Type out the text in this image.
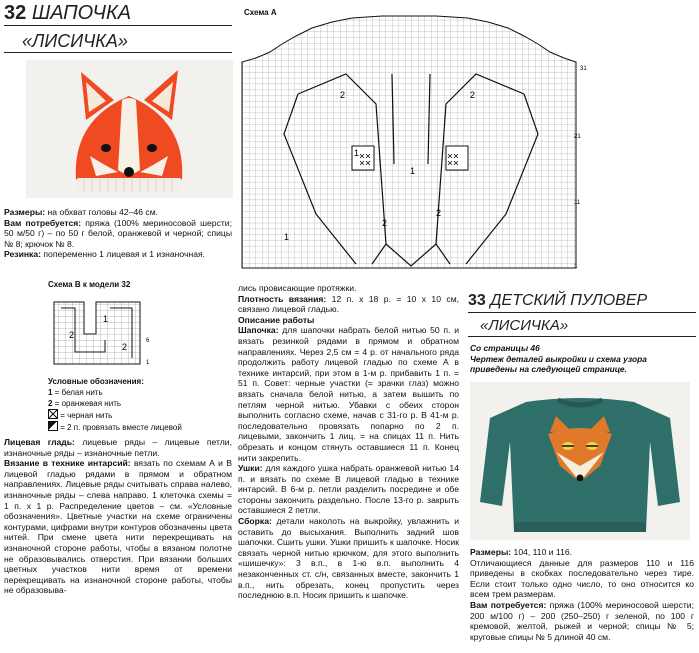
32 ШАПОЧКА
«ЛИСИЧКА»

Размеры: на обхват головы 42–46 см.

Вам потребуется: пряжа (100% мериносовой шерсти; 50 м/50 г) – по 50 г белой, оранжевой и черной; спицы № 8; крючок № 8.

Резинка: попеременно 1 лицевая и 1 изнаночная.

Схема В к модели 32
2
2
1
6
1
Условные обозначения:
1 = белая нить
2 = оранжевая нить
= черная нить
= 2 п. провязать вместе лицевой

Лицевая гладь: лицевые ряды – лицевые петли, изнаночные ряды – изнаночные петли.

Вязание в технике интарсий: вязать по схемам А и В лицевой гладью рядами в прямом и обратном направлениях. Лицевые ряды считывать справа налево, изнаночные ряды – слева направо. 1 клеточка схемы = 1 п. х 1 р. Распределение цветов – см. «Условные обозначения». Цветные участки на схеме ограничены контурами, цифрами внутри контуров обозначены цвета нитей. При смене цвета нити перекрещивать на изнаночной стороне работы, чтобы в вязаном полотне не образовывались отверстия. При вязании больших цветных участков нити время от времени перекрещивать на изнаночной стороне работы, чтобы не образовыва-

Схема А
31
21
11
1
2
2
1
1
2
2
1

лись провисающие протяжки.

Плотность вязания: 12 п. х 18 р. = 10 х 10 см, связано лицевой гладью.

Описание работы

Шапочка: для шапочки набрать белой нитью 50 п. и вязать резинкой рядами в прямом и обратном направлениях. Через 2,5 см = 4 р. от начального ряда продолжить работу лицевой гладью по схеме А в технике интарсий, при этом в 1-м р. прибавить 1 п. = 51 п. Совет: черные участки (= зрачки глаз) можно вязать сначала белой нитью, а затем вышить по петлям черной нитью. Убавки с обеих сторон выполнить согласно схеме, начав с 31-го р. В 41-м р. последовательно провязать попарно по 2 п. лицевыми, закончить 1 лиц. = на спицах 11 п. Нить обрезать и концом стянуть оставшиеся 11 п. Конец нити закрепить.

Ушки: для каждого ушка набрать оранжевой нитью 14 п. и вязать по схеме В лицевой гладью в технике интарсий. В 6-м р. петли разделить посредине и обе стороны закончить раздельно. После 13-го р. закрыть оставшиеся 2 петли.

Сборка: детали наколоть на выкройку, увлажнить и оставить до высыхания. Выполнить задний шов шапочки. Сшить ушки. Ушки пришить к шапочке. Носик связать черной нитью крючком, для этого выполнить «шишечку»: 3 в.п., в 1-ю в.п. выполнить 4 незаконченных ст. с/н, связанных вместе, закончить 1 в.п., нить обрезать, конец пропустить через последнюю в.п. Носик пришить к шапочке.

33 ДЕТСКИЙ ПУЛОВЕР
«ЛИСИЧКА»
Со страницы 46
Чертеж деталей выкройки и схема узора приведены на следующей странице.

Размеры: 104, 110 и 116.

Отличающиеся данные для размеров 110 и 116 приведены в скобках последовательно через тире. Если стоит только одно число, то оно относится ко всем трем размерам.

Вам потребуется: пряжа (100% мериносовой шерсти; 200 м/100 г) – 200 (250–250) г зеленой, по 100 г кремовой, желтой, рыжей и черной; спицы № 5; круговые спицы № 5 длиной 40 см.
